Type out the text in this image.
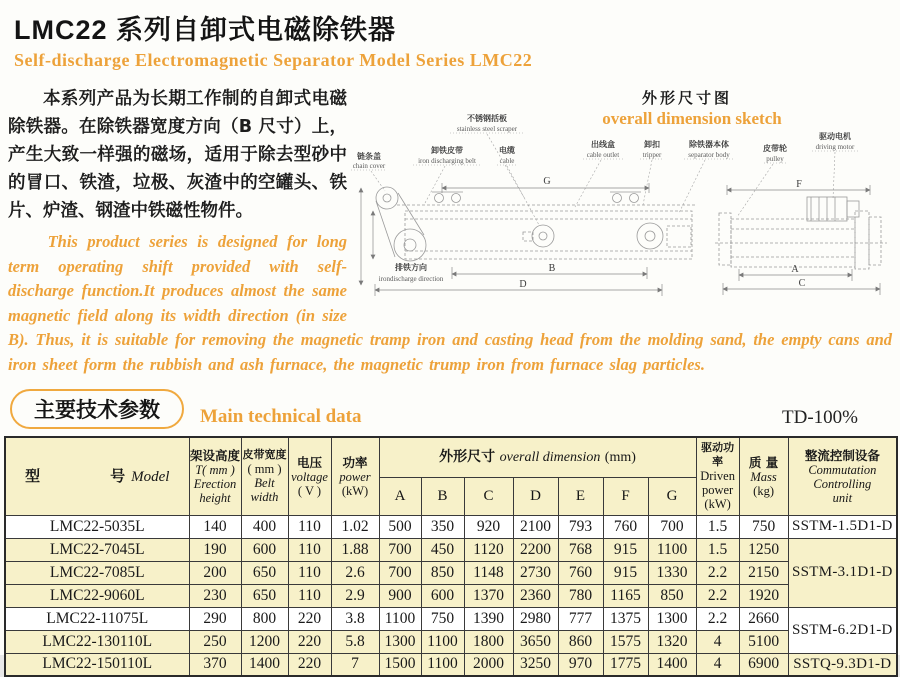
LMC22 系列自卸式电磁除铁器
Self-discharge Electromagnetic Separator Model Series LMC22
外形尺寸图
overall dimension sketch
链条盖
chain cover
卸铁皮带
iron discharging belt
电缆
cable
不锈钢括板
stainless steel scraper
出线盒
cable outlet
卸扣
tripper
除铁器本体
separator body
皮带轮
pulley
驱动电机
driving motor
G
B
D
排铁方向
irondischarge direction
F
A
C

本系列产品为长期工作制的自卸式电磁除铁器。在除铁器宽度方向（B 尺寸）上，产生大致一样强的磁场，适用于除去型砂中的冒口、铁渣，垃极、灰渣中的空罐头、铁片、炉渣、钢渣中铁磁性物件。

This product series is designed for long term operating shift provided with self-discharge function.It produces almost the same magnetic field along its width direction (in size B). Thus, it is suitable for removing the magnetic tramp iron and casting head from the molding sand, the empty cans and iron sheet form the rubbish and ash furnace, the magnetic trump iron from furnace slag particles.

主要技术参数	Main technical data	TD-100%
型	号 Model

架设高度
T( mm )
Erection
height

皮带宽度
( mm )
Belt width

电压
voltage
( V )

功率
power
(kW)
	外形尺寸 overall dimension (mm)	
驱动功率
Driven
power
(kW)

质 量
Mass
(kg)

整流控制设备
Commutation
Controlling
unit

					A	B	C	D	E	F	G			
LMC22-5035L	140	400	110	1.02	500	350	920	2100	793	760	700	1.5	750	SSTM-1.5D1-D
LMC22-7045L	190	600	110	1.88	700	450	1120	2200	768	915	1100	1.5	1250	SSTM-3.1D1-D
LMC22-7085L	200	650	110	2.6	700	850	1148	2730	760	915	1330	2.2	2150	
LMC22-9060L	230	650	110	2.9	900	600	1370	2360	780	1165	850	2.2	1920	
LMC22-11075L	290	800	220	3.8	1100	750	1390	2980	777	1375	1300	2.2	2660	SSTM-6.2D1-D
LMC22-130110L	250	1200	220	5.8	1300	1100	1800	3650	860	1575	1320	4	5100	
LMC22-150110L	370	1400	220	7	1500	1100	2000	3250	970	1775	1400	4	6900	SSTQ-9.3D1-D
